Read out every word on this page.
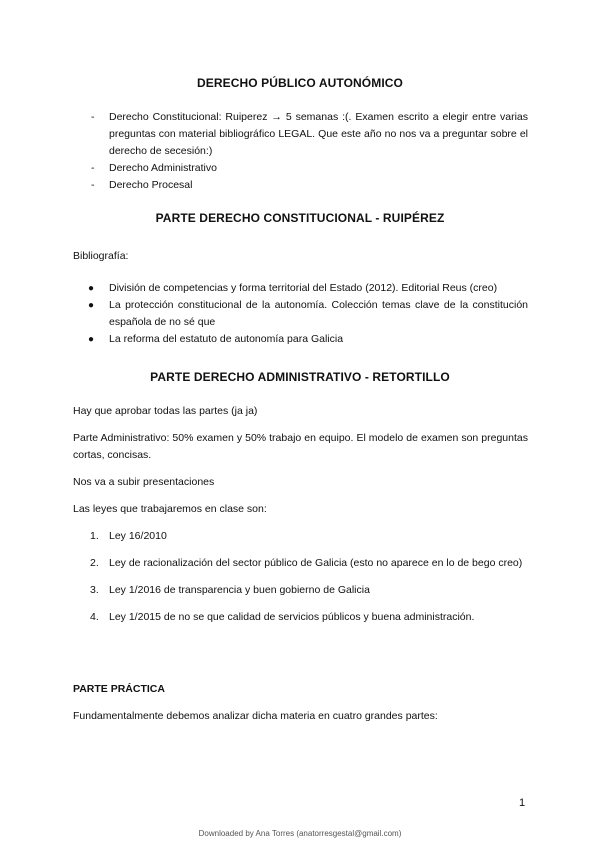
DERECHO PÚBLICO AUTONÓMICO
- Derecho Constitucional: Ruiperez → 5 semanas :(. Examen escrito a elegir entre varias preguntas con material bibliográfico LEGAL. Que este año no nos va a preguntar sobre el derecho de secesión:)
- Derecho Administrativo
- Derecho Procesal
PARTE DERECHO CONSTITUCIONAL - RUIPÉREZ
Bibliografía:
● División de competencias y forma territorial del Estado (2012). Editorial Reus (creo)
● La protección constitucional de la autonomía. Colección temas clave de la constitución española de no sé que
● La reforma del estatuto de autonomía para Galicia
PARTE DERECHO ADMINISTRATIVO - RETORTILLO
Hay que aprobar todas las partes (ja ja)
Parte Administrativo: 50% examen y 50% trabajo en equipo. El modelo de examen son preguntas cortas, concisas.
Nos va a subir presentaciones
Las leyes que trabajaremos en clase son:
1. Ley 16/2010
2. Ley de racionalización del sector público de Galicia (esto no aparece en lo de bego creo)
3. Ley 1/2016 de transparencia y buen gobierno de Galicia
4. Ley 1/2015 de no se que calidad de servicios públicos y buena administración.
PARTE PRÁCTICA
Fundamentalmente debemos analizar dicha materia en cuatro grandes partes:
1
Downloaded by Ana Torres (anatorresgestal@gmail.com)
